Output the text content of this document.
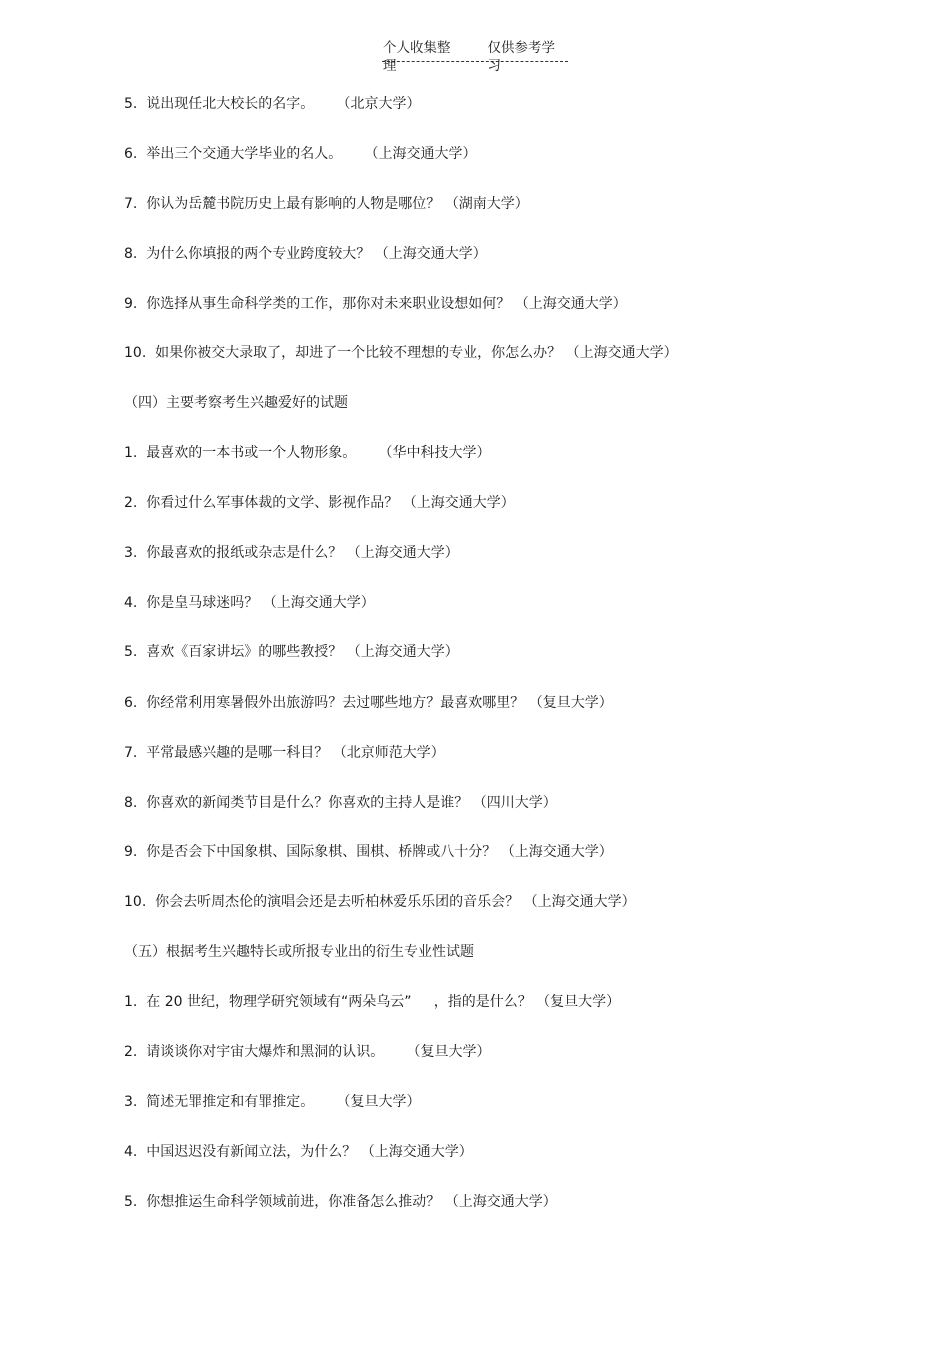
个人收集整理
仅供参考学习
5.  说出现任北大校长的名字。     （北京大学）
6.  举出三个交通大学毕业的名人。     （上海交通大学）
7.  你认为岳麓书院历史上最有影响的人物是哪位？ （湖南大学）
8.  为什么你填报的两个专业跨度较大？ （上海交通大学）
9.  你选择从事生命科学类的工作，那你对未来职业设想如何？ （上海交通大学）
10.  如果你被交大录取了，却进了一个比较不理想的专业，你怎么办？ （上海交通大学）
（四）主要考察考生兴趣爱好的试题
1.  最喜欢的一本书或一个人物形象。     （华中科技大学）
2.  你看过什么军事体裁的文学、影视作品？ （上海交通大学）
3.  你最喜欢的报纸或杂志是什么？ （上海交通大学）
4.  你是皇马球迷吗？ （上海交通大学）
5.  喜欢《百家讲坛》的哪些教授？ （上海交通大学）
6.  你经常利用寒暑假外出旅游吗？去过哪些地方？最喜欢哪里？ （复旦大学）
7.  平常最感兴趣的是哪一科目？ （北京师范大学）
8.  你喜欢的新闻类节目是什么？你喜欢的主持人是谁？ （四川大学）
9.  你是否会下中国象棋、国际象棋、围棋、桥牌或八十分？ （上海交通大学）
10.  你会去听周杰伦的演唱会还是去听柏林爱乐乐团的音乐会？ （上海交通大学）
（五）根据考生兴趣特长或所报专业出的衍生专业性试题
1.  在 20 世纪，物理学研究领域有“两朵乌云”     ，指的是什么？ （复旦大学）
2.  请谈谈你对宇宙大爆炸和黑洞的认识。     （复旦大学）
3.  简述无罪推定和有罪推定。     （复旦大学）
4.  中国迟迟没有新闻立法，为什么？ （上海交通大学）
5.  你想推运生命科学领域前进，你准备怎么推动？ （上海交通大学）
